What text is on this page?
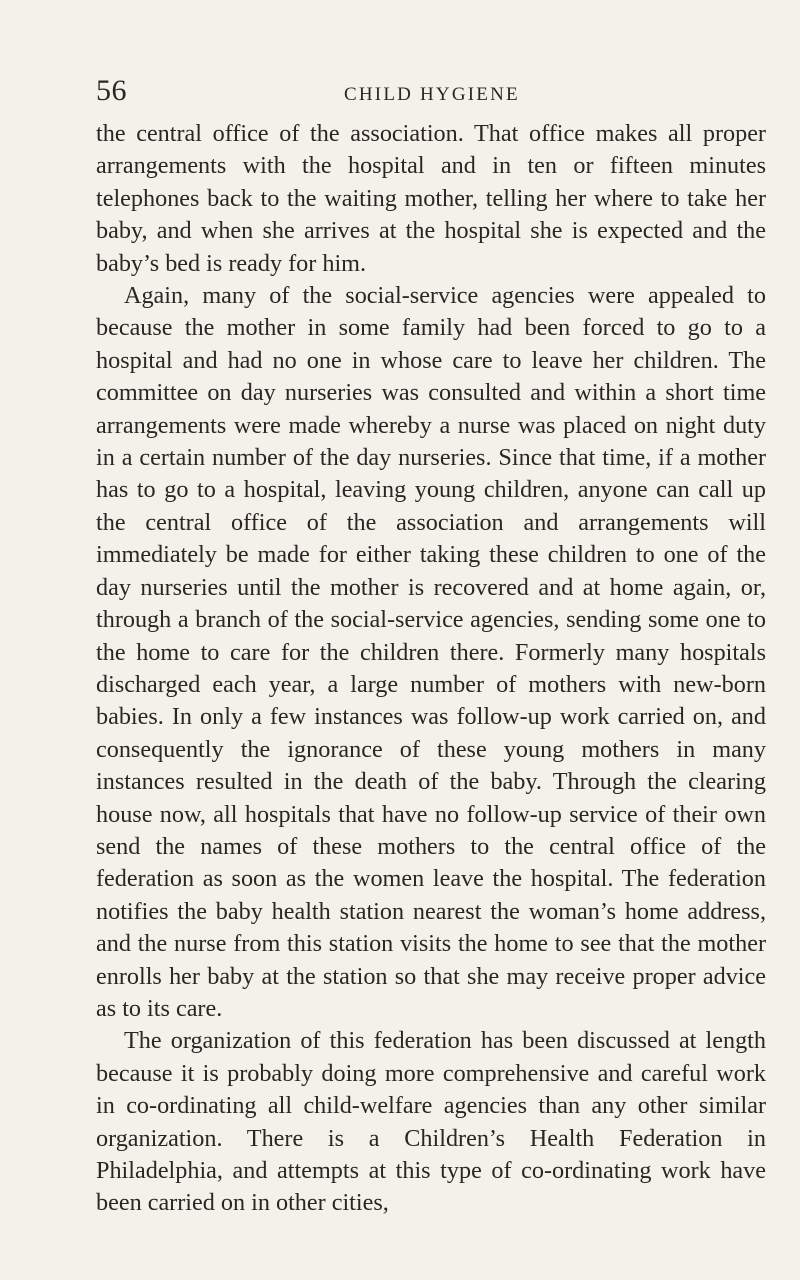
56	CHILD HYGIENE

the central office of the association. That office makes all proper arrangements with the hospital and in ten or fifteen minutes telephones back to the waiting mother, telling her where to take her baby, and when she arrives at the hospital she is expected and the baby’s bed is ready for him.

Again, many of the social-service agencies were appealed to because the mother in some family had been forced to go to a hospital and had no one in whose care to leave her children. The committee on day nurseries was consulted and within a short time arrangements were made whereby a nurse was placed on night duty in a certain number of the day nurseries. Since that time, if a mother has to go to a hospital, leaving young children, anyone can call up the central office of the association and arrangements will immediately be made for either taking these children to one of the day nurseries until the mother is recovered and at home again, or, through a branch of the social-service agencies, sending some one to the home to care for the children there. Formerly many hospitals discharged each year, a large number of mothers with new-born babies. In only a few instances was follow-up work carried on, and consequently the ignorance of these young mothers in many instances resulted in the death of the baby. Through the clearing house now, all hospitals that have no follow-up service of their own send the names of these mothers to the central office of the federation as soon as the women leave the hospital. The federation notifies the baby health station nearest the woman’s home address, and the nurse from this station visits the home to see that the mother enrolls her baby at the station so that she may receive proper advice as to its care.

The organization of this federation has been discussed at length because it is probably doing more comprehensive and careful work in co-ordinating all child-welfare agencies than any other similar organization. There is a Children’s Health Federation in Philadelphia, and attempts at this type of co-ordinating work have been carried on in other cities,
